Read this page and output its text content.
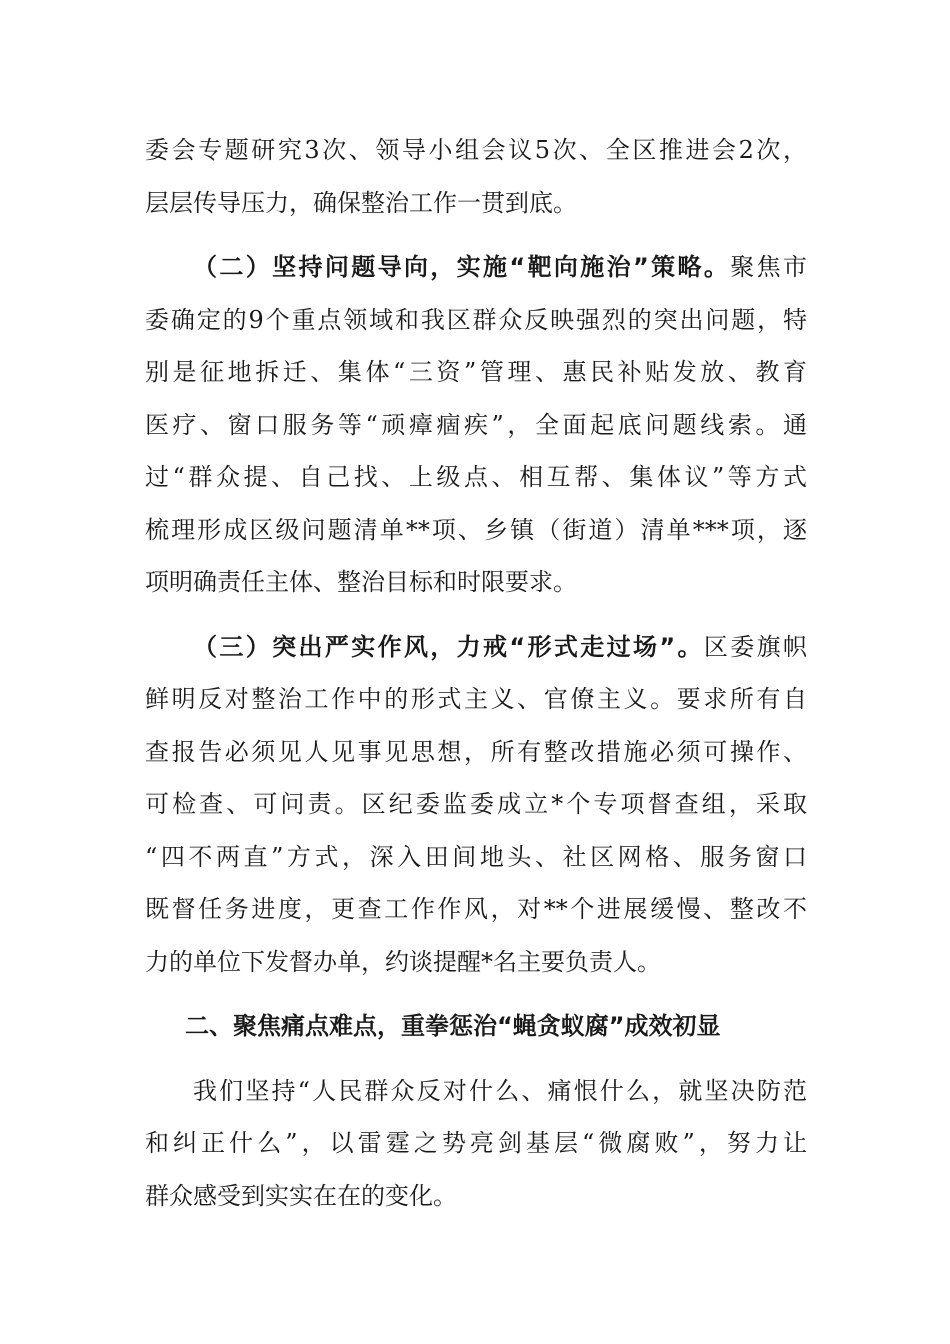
委会专题研究3次、领导小组会议5次、全区推进会2次，
层层传导压力，确保整治工作一贯到底。
（二）坚持问题导向，实施“靶向施治”策略。聚焦市
委确定的9个重点领域和我区群众反映强烈的突出问题，特
别是征地拆迁、集体“三资”管理、惠民补贴发放、教育
医疗、窗口服务等“顽瘴痼疾”，全面起底问题线索。通
过“群众提、自己找、上级点、相互帮、集体议”等方式
梳理形成区级问题清单**项、乡镇（街道）清单***项，逐
项明确责任主体、整治目标和时限要求。
（三）突出严实作风，力戒“形式走过场”。区委旗帜
鲜明反对整治工作中的形式主义、官僚主义。要求所有自
查报告必须见人见事见思想，所有整改措施必须可操作、
可检查、可问责。区纪委监委成立*个专项督查组，采取
“四不两直”方式，深入田间地头、社区网格、服务窗口
既督任务进度，更查工作作风，对**个进展缓慢、整改不
力的单位下发督办单，约谈提醒*名主要负责人。
二、聚焦痛点难点，重拳惩治“蝇贪蚁腐”成效初显
我们坚持“人民群众反对什么、痛恨什么，就坚决防范
和纠正什么”，以雷霆之势亮剑基层“微腐败”，努力让
群众感受到实实在在的变化。
